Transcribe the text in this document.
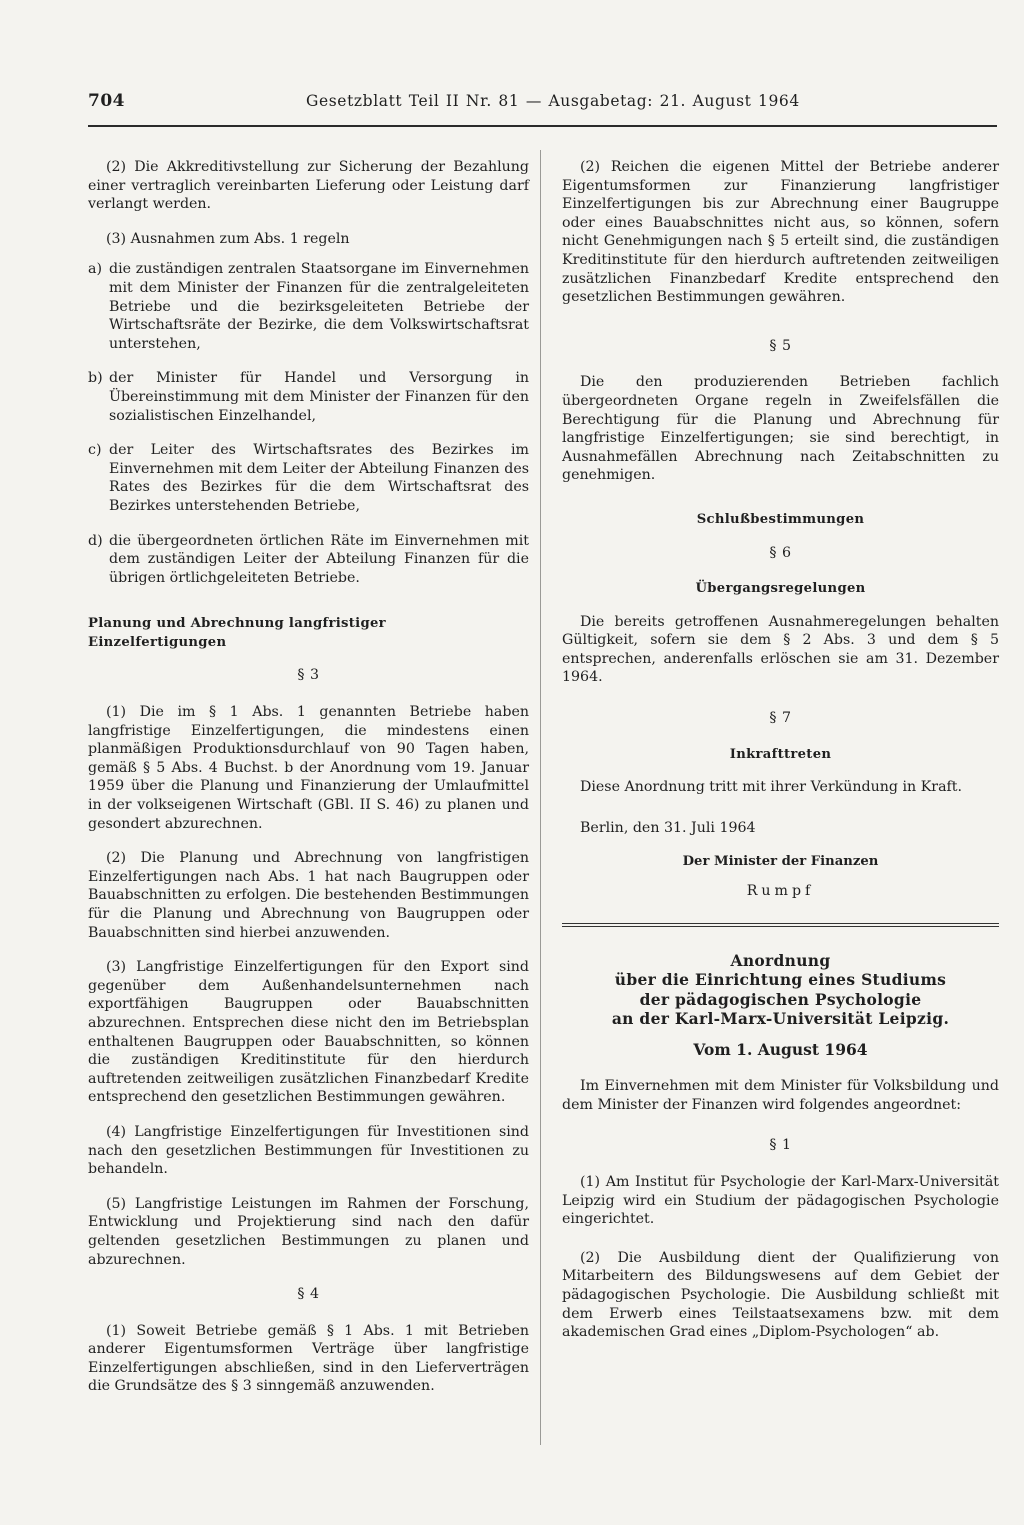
704	Gesetzblatt Teil II Nr. 81 — Ausgabetag: 21. August 1964

(2) Die Akkreditivstellung zur Sicherung der Bezahlung einer vertraglich vereinbarten Lieferung oder Leistung darf verlangt werden.

(3) Ausnahmen zum Abs. 1 regeln

a) die zuständigen zentralen Staatsorgane im Einvernehmen mit dem Minister der Finanzen für die zentralgeleiteten Betriebe und die bezirksgeleiteten Betriebe der Wirtschaftsräte der Bezirke, die dem Volkswirtschaftsrat unterstehen,

b) der Minister für Handel und Versorgung in Übereinstimmung mit dem Minister der Finanzen für den sozialistischen Einzelhandel,

c) der Leiter des Wirtschaftsrates des Bezirkes im Einvernehmen mit dem Leiter der Abteilung Finanzen des Rates des Bezirkes für die dem Wirtschaftsrat des Bezirkes unterstehenden Betriebe,

d) die übergeordneten örtlichen Räte im Einvernehmen mit dem zuständigen Leiter der Abteilung Finanzen für die übrigen örtlichgeleiteten Betriebe.

Planung und Abrechnung langfristiger Einzelfertigungen
§ 3

(1) Die im § 1 Abs. 1 genannten Betriebe haben langfristige Einzelfertigungen, die mindestens einen planmäßigen Produktionsdurchlauf von 90 Tagen haben, gemäß § 5 Abs. 4 Buchst. b der Anordnung vom 19. Januar 1959 über die Planung und Finanzierung der Umlaufmittel in der volkseigenen Wirtschaft (GBl. II S. 46) zu planen und gesondert abzurechnen.

(2) Die Planung und Abrechnung von langfristigen Einzelfertigungen nach Abs. 1 hat nach Baugruppen oder Bauabschnitten zu erfolgen. Die bestehenden Bestimmungen für die Planung und Abrechnung von Baugruppen oder Bauabschnitten sind hierbei anzuwenden.

(3) Langfristige Einzelfertigungen für den Export sind gegenüber dem Außenhandelsunternehmen nach exportfähigen Baugruppen oder Bauabschnitten abzurechnen. Entsprechen diese nicht den im Betriebsplan enthaltenen Baugruppen oder Bauabschnitten, so können die zuständigen Kreditinstitute für den hierdurch auftretenden zeitweiligen zusätzlichen Finanzbedarf Kredite entsprechend den gesetzlichen Bestimmungen gewähren.

(4) Langfristige Einzelfertigungen für Investitionen sind nach den gesetzlichen Bestimmungen für Investitionen zu behandeln.

(5) Langfristige Leistungen im Rahmen der Forschung, Entwicklung und Projektierung sind nach den dafür geltenden gesetzlichen Bestimmungen zu planen und abzurechnen.

§ 4

(1) Soweit Betriebe gemäß § 1 Abs. 1 mit Betrieben anderer Eigentumsformen Verträge über langfristige Einzelfertigungen abschließen, sind in den Lieferverträgen die Grundsätze des § 3 sinngemäß anzuwenden.

(2) Reichen die eigenen Mittel der Betriebe anderer Eigentumsformen zur Finanzierung langfristiger Einzelfertigungen bis zur Abrechnung einer Baugruppe oder eines Bauabschnittes nicht aus, so können, sofern nicht Genehmigungen nach § 5 erteilt sind, die zuständigen Kreditinstitute für den hierdurch auftretenden zeitweiligen zusätzlichen Finanzbedarf Kredite entsprechend den gesetzlichen Bestimmungen gewähren.

§ 5

Die den produzierenden Betrieben fachlich übergeordneten Organe regeln in Zweifelsfällen die Berechtigung für die Planung und Abrechnung für langfristige Einzelfertigungen; sie sind berechtigt, in Ausnahmefällen Abrechnung nach Zeitabschnitten zu genehmigen.

Schlußbestimmungen
§ 6
Übergangsregelungen

Die bereits getroffenen Ausnahmeregelungen behalten Gültigkeit, sofern sie dem § 2 Abs. 3 und dem § 5 entsprechen, anderenfalls erlöschen sie am 31. Dezember 1964.

§ 7
Inkrafttreten

Diese Anordnung tritt mit ihrer Verkündung in Kraft.

Berlin, den 31. Juli 1964

Der Minister der Finanzen
Rumpf
Anordnung
über die Einrichtung eines Studiums
der pädagogischen Psychologie
an der Karl-Marx-Universität Leipzig.
Vom 1. August 1964

Im Einvernehmen mit dem Minister für Volksbildung und dem Minister der Finanzen wird folgendes angeordnet:

§ 1

(1) Am Institut für Psychologie der Karl-Marx-Universität Leipzig wird ein Studium der pädagogischen Psychologie eingerichtet.

(2) Die Ausbildung dient der Qualifizierung von Mitarbeitern des Bildungswesens auf dem Gebiet der pädagogischen Psychologie. Die Ausbildung schließt mit dem Erwerb eines Teilstaatsexamens bzw. mit dem akademischen Grad eines „Diplom-Psychologen“ ab.
